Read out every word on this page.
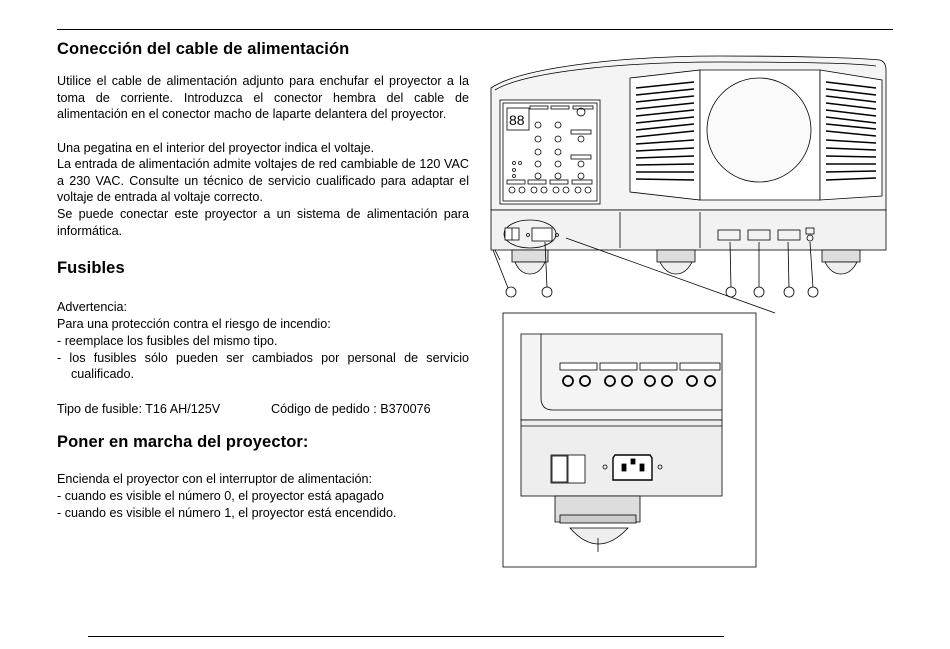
Conección del cable de alimentación

Utilice el cable de alimentación adjunto para enchufar el proyector a la toma de corriente. Introduzca el conector hembra del cable de alimentación en el conector macho de laparte delantera del proyector.

Una pegatina en el interior del proyector indica el voltaje.

La entrada de alimentación admite voltajes de red cambiable de 120 VAC a 230 VAC. Consulte un técnico de servicio cualificado para adaptar el voltaje de entrada al voltaje correcto.

Se puede conectar este proyector a un sistema de alimentación para informática.

Fusibles

Advertencia:

Para una protección contra el riesgo de incendio:

- reemplace los fusibles del mismo tipo.

- los fusibles sólo pueden ser cambiados por personal de servicio

cualificado.

Tipo de fusible: T16 AH/125V	Código de pedido : B370076

Poner en marcha del proyector:

Encienda el proyector con el interruptor de alimentación:

- cuando es visible el número 0, el proyector está apagado

- cuando es visible el número 1, el proyector está encendido.

88
